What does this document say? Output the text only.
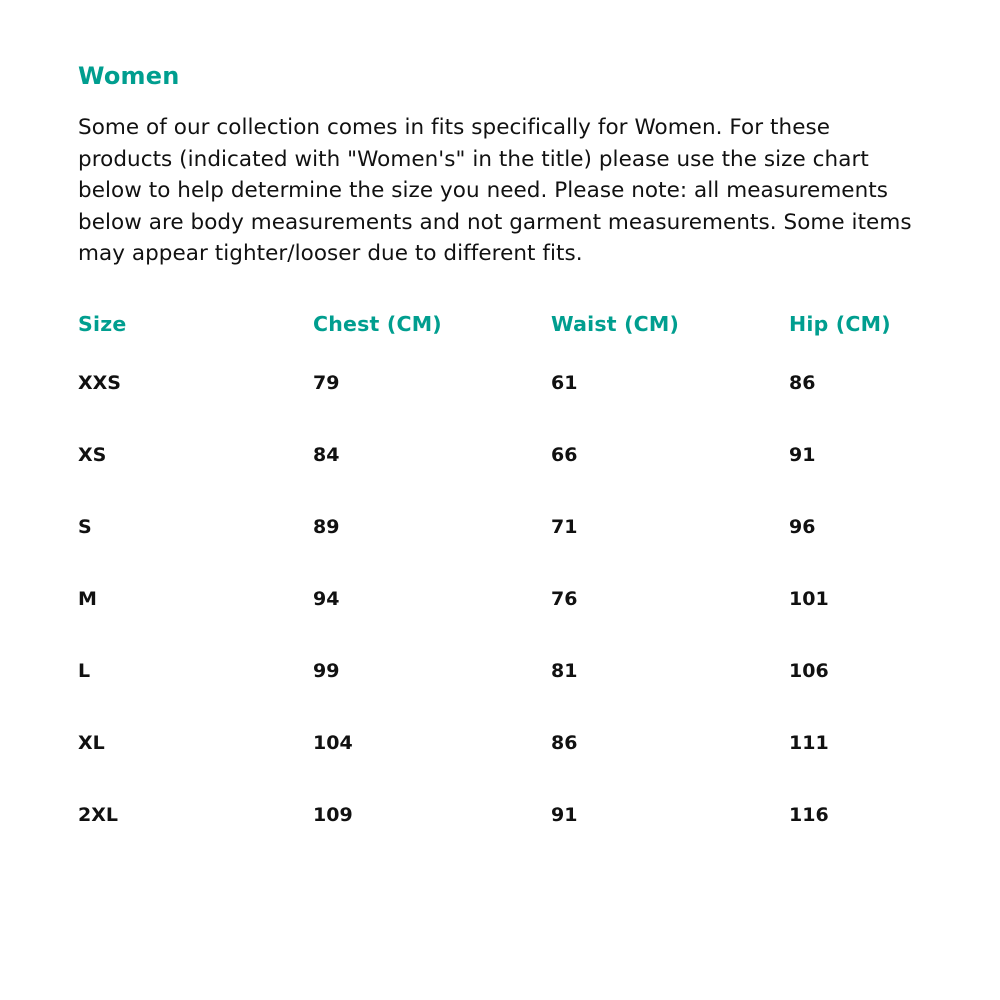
Women

Some of our collection comes in fits specifically for Women. For these products (indicated with "Women's" in the title) please use the size chart below to help determine the size you need. Please note: all measurements below are body measurements and not garment measurements. Some items may appear tighter/looser due to different fits.

Size	Chest (CM)	Waist (CM)	Hip (CM)
XXS	79	61	86
XS	84	66	91
S	89	71	96
M	94	76	101
L	99	81	106
XL	104	86	111
2XL	109	91	116
